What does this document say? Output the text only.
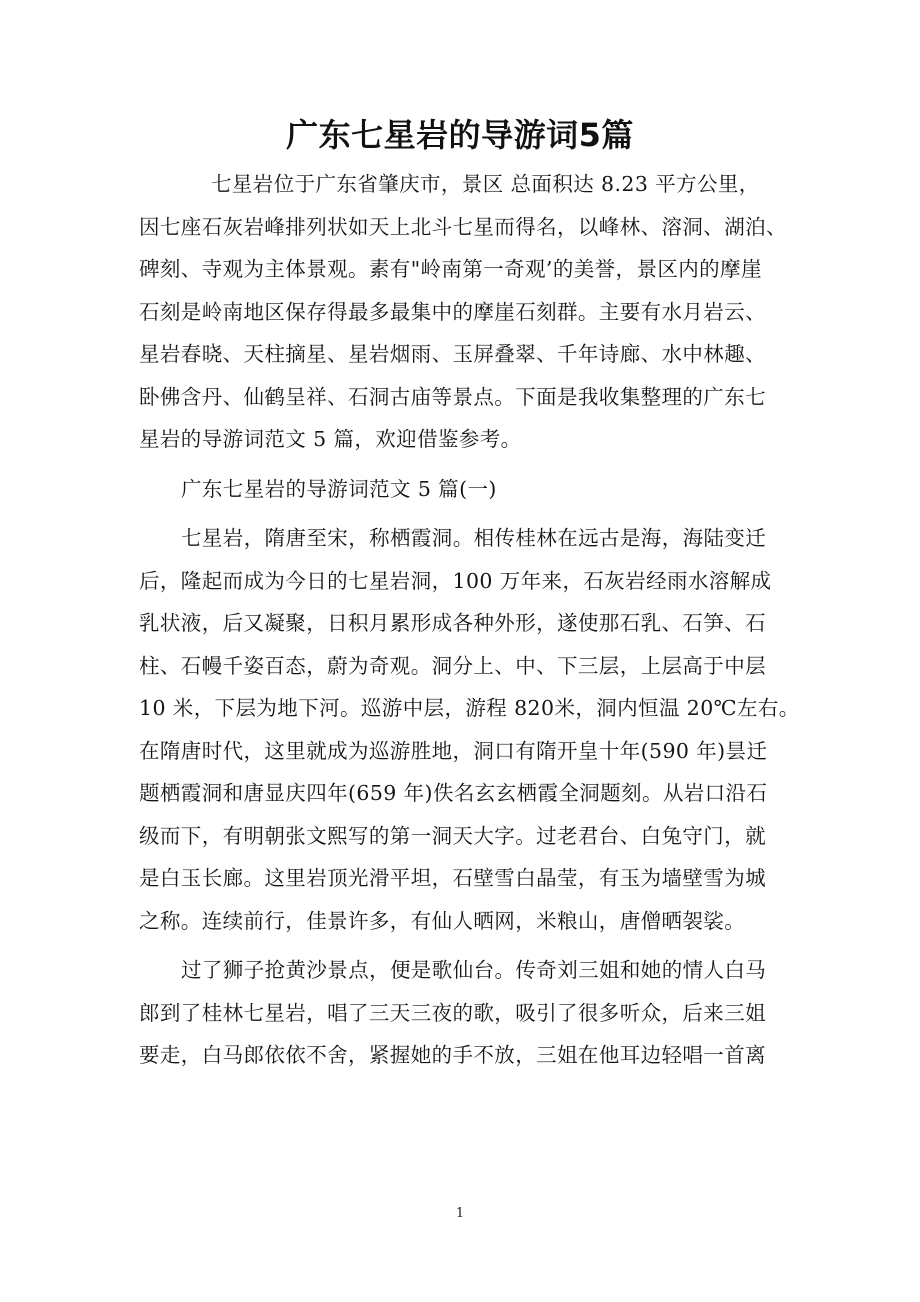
广东七星岩的导游词5篇
七星岩位于广东省肇庆市，景区 总面积达 8.23 平方公里，
因七座石灰岩峰排列状如天上北斗七星而得名，以峰林、溶洞、湖泊、
碑刻、寺观为主体景观。素有"岭南第一奇观’的美誉，景区内的摩崖
石刻是岭南地区保存得最多最集中的摩崖石刻群。主要有水月岩云、
星岩春晓、天柱摘星、星岩烟雨、玉屏叠翠、千年诗廊、水中林趣、
卧佛含丹、仙鹤呈祥、石洞古庙等景点。下面是我收集整理的广东七
星岩的导游词范文 5 篇，欢迎借鉴参考。
广东七星岩的导游词范文 5 篇(一)
七星岩，隋唐至宋，称栖霞洞。相传桂林在远古是海，海陆变迁
后，隆起而成为今日的七星岩洞，100 万年来，石灰岩经雨水溶解成
乳状液，后又凝聚，日积月累形成各种外形，遂使那石乳、石笋、石
柱、石幔千姿百态，蔚为奇观。洞分上、中、下三层，上层高于中层
10 米，下层为地下河。巡游中层，游程 820米，洞内恒温 20℃左右。
在隋唐时代，这里就成为巡游胜地，洞口有隋开皇十年(590 年)昙迁
题栖霞洞和唐显庆四年(659 年)佚名玄玄栖霞全洞题刻。从岩口沿石
级而下，有明朝张文熙写的第一洞天大字。过老君台、白兔守门，就
是白玉长廊。这里岩顶光滑平坦，石壁雪白晶莹，有玉为墙壁雪为城
之称。连续前行，佳景许多，有仙人晒网，米粮山，唐僧晒袈裟。
过了狮子抢黄沙景点，便是歌仙台。传奇刘三姐和她的情人白马
郎到了桂林七星岩，唱了三天三夜的歌，吸引了很多听众，后来三姐
要走，白马郎依依不舍，紧握她的手不放，三姐在他耳边轻唱一首离
1
